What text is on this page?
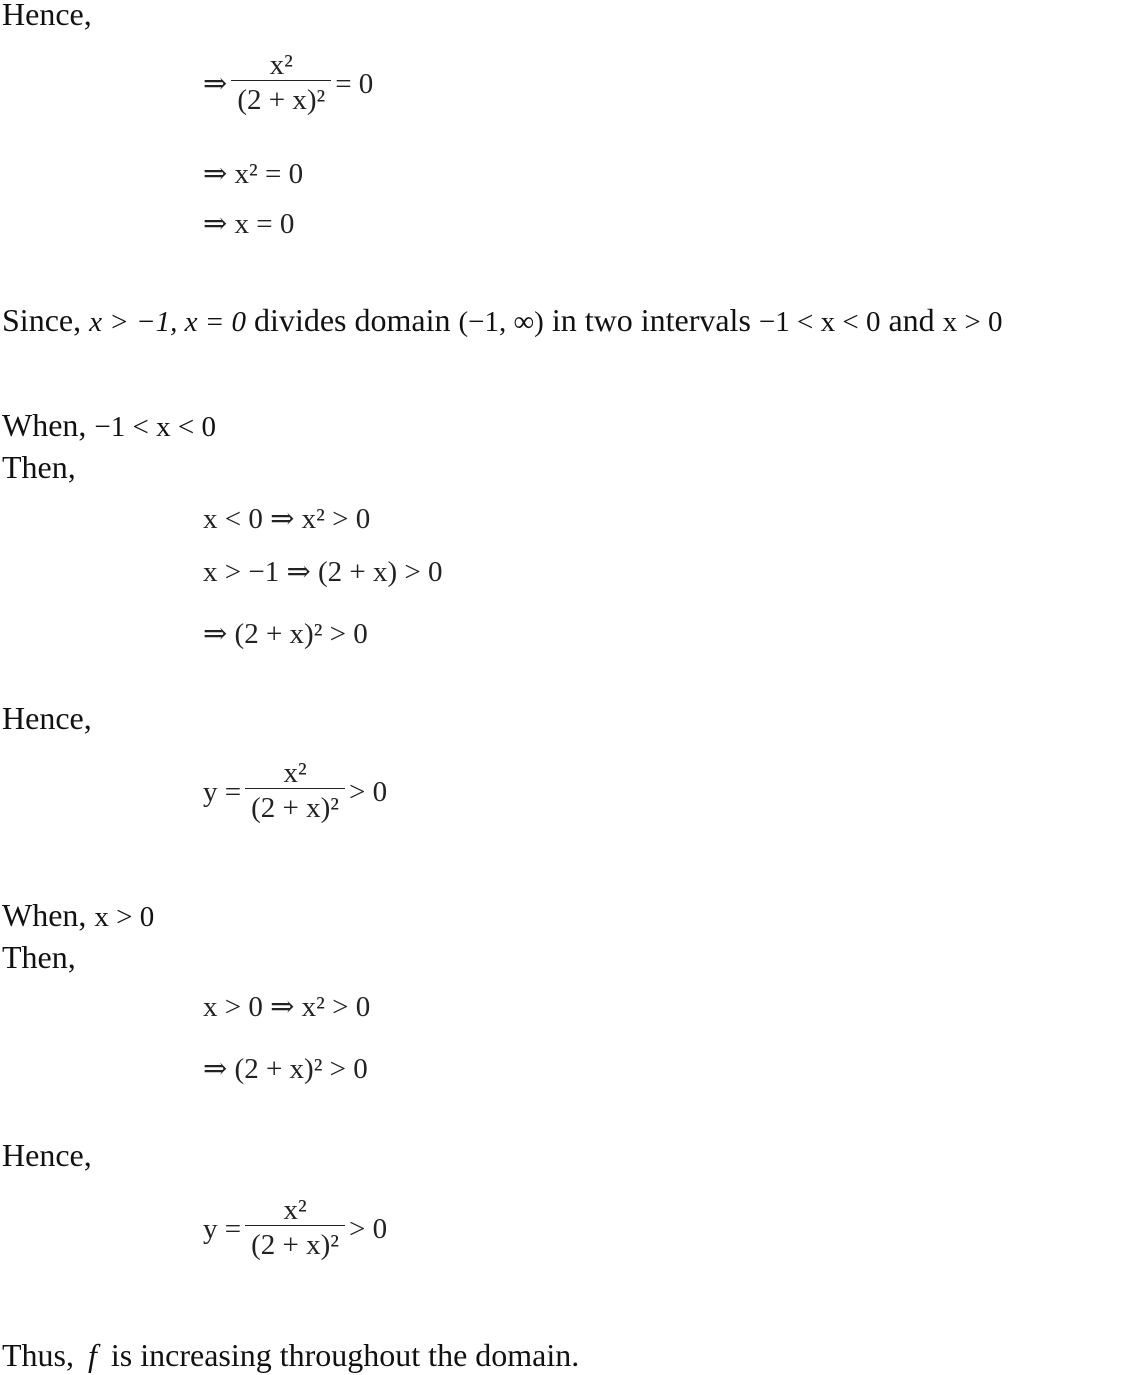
Hence,
⇒ $\frac{\text{x²}}{\text{(2 + x)²}} = 0$
⇒ x² = 0
⇒ x = 0
Since, x > −1, x = 0 divides domain (−1, ∞) in two intervals −1 < x < 0 and x > 0
When, −1 < x < 0
Then,
x < 0 ⇒ x² > 0
x > −1 ⇒ (2 + x) > 0
⇒ (2 + x)² > 0
Hence,
$y = \frac{\text{x²}}{\text{(2 + x)²}} > 0$
When, x > 0
Then,
x > 0 ⇒ x² > 0
⇒ (2 + x)² > 0
Hence,
$y = \frac{\text{x²}}{\text{(2 + x)²}} > 0$
Thus, f is increasing throughout the domain.
